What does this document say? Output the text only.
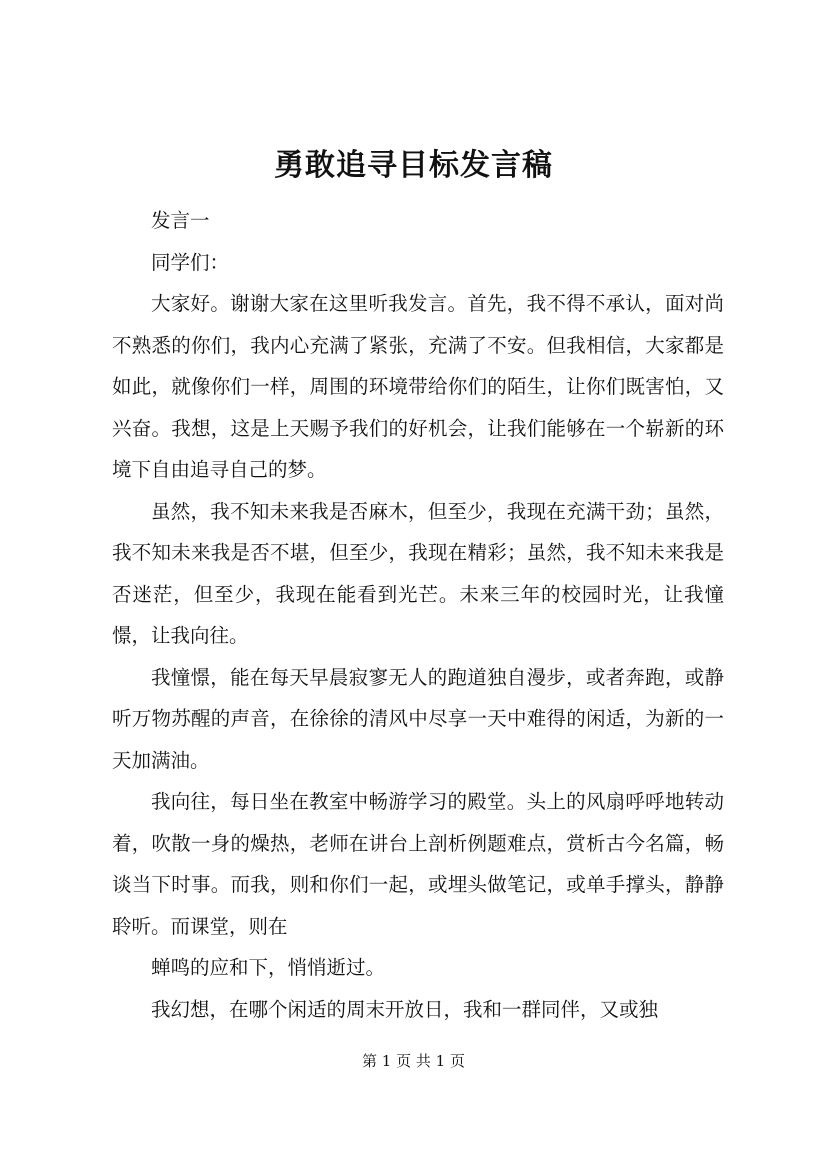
勇敢追寻目标发言稿

发言一

同学们：

大家好。谢谢大家在这里听我发言。首先，我不得不承认，面对尚不熟悉的你们，我内心充满了紧张，充满了不安。但我相信，大家都是如此，就像你们一样，周围的环境带给你们的陌生，让你们既害怕，又兴奋。我想，这是上天赐予我们的好机会，让我们能够在一个崭新的环境下自由追寻自己的梦。

虽然，我不知未来我是否麻木，但至少，我现在充满干劲；虽然，我不知未来我是否不堪，但至少，我现在精彩；虽然，我不知未来我是否迷茫，但至少，我现在能看到光芒。未来三年的校园时光，让我憧憬，让我向往。

我憧憬，能在每天早晨寂寥无人的跑道独自漫步，或者奔跑，或静听万物苏醒的声音，在徐徐的清风中尽享一天中难得的闲适，为新的一天加满油。

我向往，每日坐在教室中畅游学习的殿堂。头上的风扇呼呼地转动着，吹散一身的燥热，老师在讲台上剖析例题难点，赏析古今名篇，畅谈当下时事。而我，则和你们一起，或埋头做笔记，或单手撑头，静静聆听。而课堂，则在

蝉鸣的应和下，悄悄逝过。

我幻想，在哪个闲适的周末开放日，我和一群同伴，又或独

第 1 页 共 1 页
